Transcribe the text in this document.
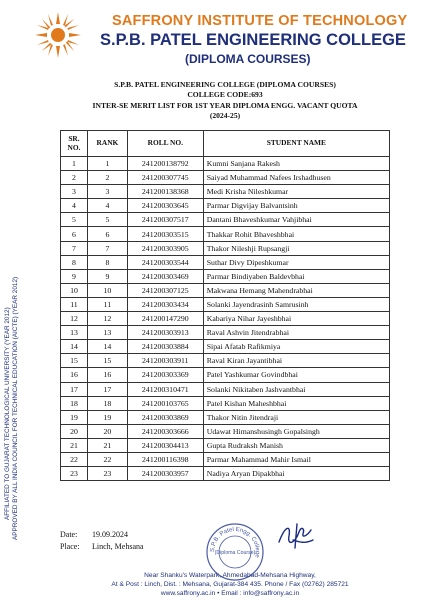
SAFFRONY INSTITUTE OF TECHNOLOGY
S.P.B. PATEL ENGINEERING COLLEGE
(DIPLOMA COURSES)
AFFILIATED TO GUJARAT TECHNOLOGICAL UNIVERSITY (YEAR 2012) APPROVED BY ALL INDIA COUNCIL FOR TECHNICAL EDUCATION (AICTE) (YEAR 2012)
S.P.B. PATEL ENGINEERING COLLEGE (DIPLOMA COURSES)
COLLEGE CODE:693
INTER-SE MERIT LIST FOR 1ST YEAR DIPLOMA ENGG. VACANT QUOTA
(2024-25)
SR.
NO.	RANK	ROLL NO.	STUDENT NAME
1	1	241200138792	Kumni Sanjana Rakesh
2	2	241200307745	Saiyad Muhammad Nafees Irshadhusen
3	3	241200138368	Medi Krisha Nileshkumar
4	4	241200303645	Parmar Digvijay Balvantsinh
5	5	241200307517	Dantani Bhaveshkumar Vahjibhai
6	6	241200303515	Thakkar Rohit Bhaveshbhai
7	7	241200303905	Thakor Nileshji Rupsangji
8	8	241200303544	Suthar Divy Dipeshkumar
9	9	241200303469	Parmar Bindiyaben Baldevbhai
10	10	241200307125	Makwana Hemang Mahendrabhai
11	11	241200303434	Solanki Jayendrasinh Samrusinh
12	12	241200147290	Kabariya Nihar Jayeshbhai
13	13	241200303913	Raval Ashvin Jitendrabhai
14	14	241200303884	Sipai Afatab Rafikmiya
15	15	241200303911	Raval Kiran Jayantibhai
16	16	241200303369	Patel Yashkumar Govindbhai
17	17	241200310471	Solanki Nikitaben Jashvantbhai
18	18	241200103765	Patel Kishan Maheshbhai
19	19	241200303869	Thakor Nitin Jitendraji
20	20	241200303666	Udawat Himanshusingh Gopalsingh
21	21	241200304413	Gupta Rudraksh Manish
22	22	241200116398	Parmar Mahammad Mahir Ismail
23	23	241200303957	Nadiya Aryan Dipakbhai
Date: 19.09.2024
Place: Linch, Mehsana	S.P.B. Patel Engg. College
(Diploma Course)
Near Shanku's Waterpark, Ahmedabad-Mehsana Highway,
At & Post : Linch, Dist. : Mehsana, Gujarat-384 435. Phone / Fax (02762) 285721
www.saffrony.ac.in • Email : info@saffrony.ac.in
